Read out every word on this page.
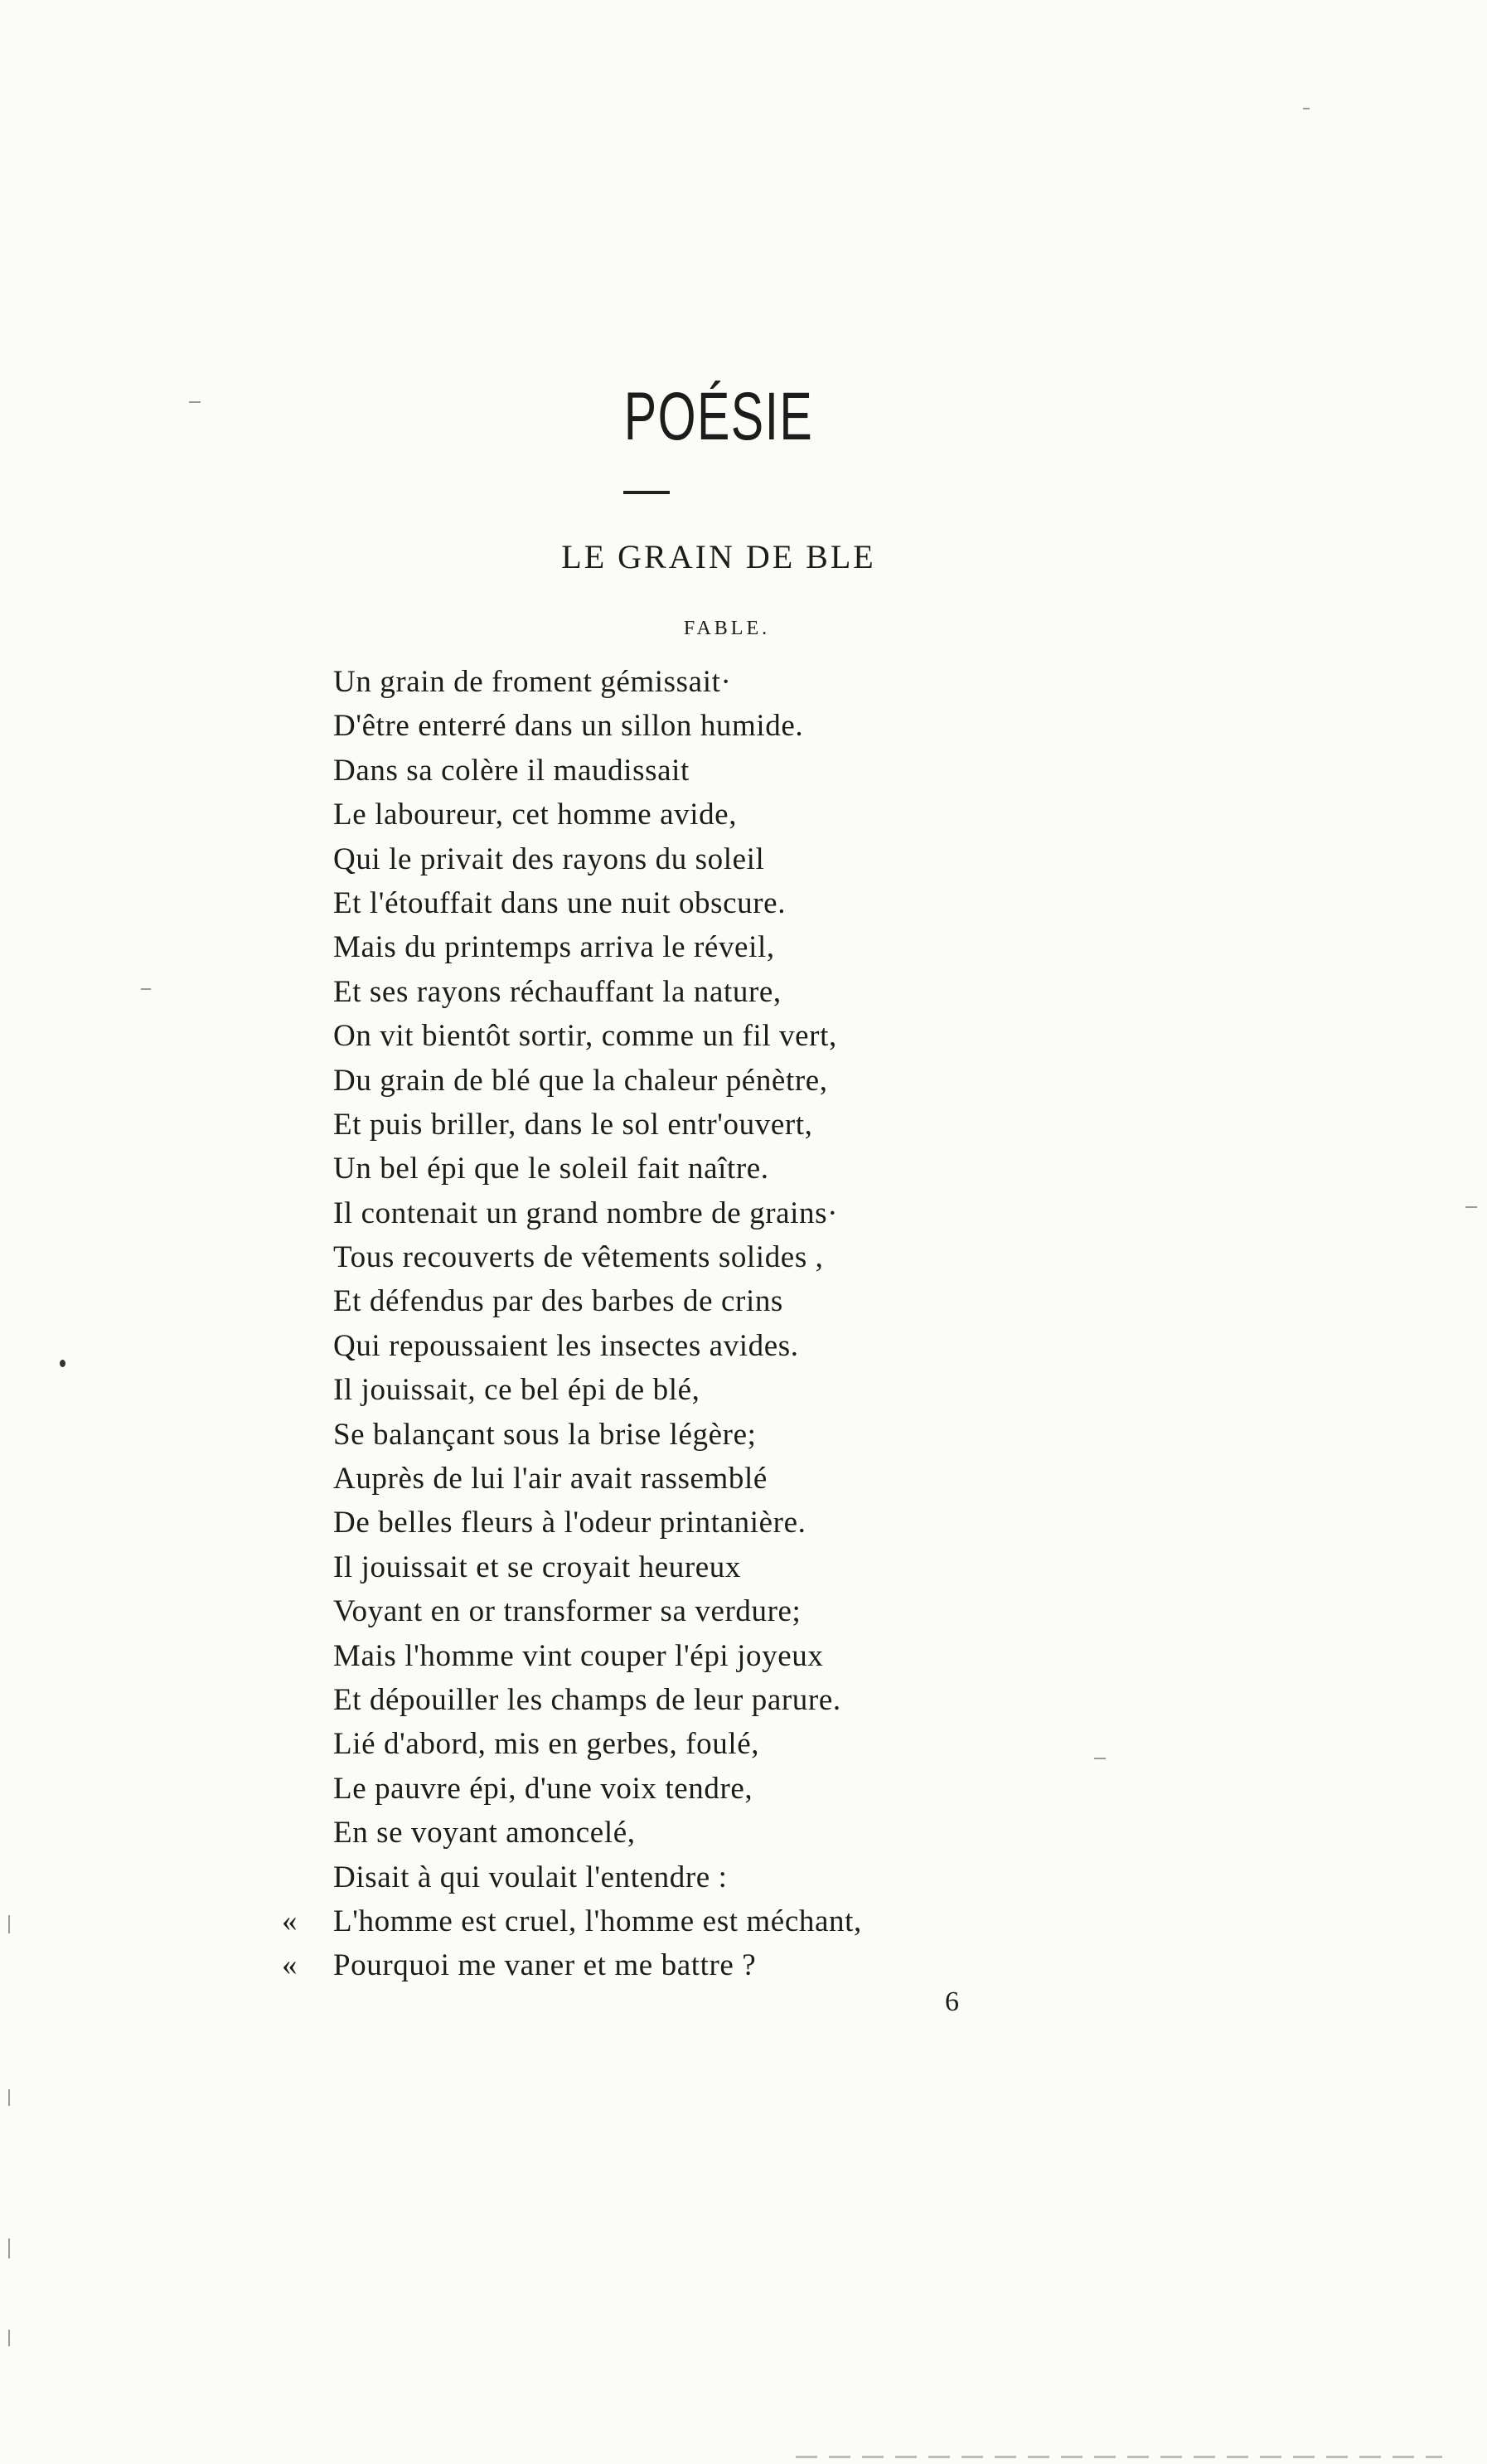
POÉSIE
LE GRAIN DE BLE
FABLE.
Un grain de froment gémissait·
D'être enterré dans un sillon humide.
Dans sa colère il maudissait
Le laboureur, cet homme avide,
Qui le privait des rayons du soleil
Et l'étouffait dans une nuit obscure.
Mais du printemps arriva le réveil,
Et ses rayons réchauffant la nature,
On vit bientôt sortir, comme un fil vert,
Du grain de blé que la chaleur pénètre,
Et puis briller, dans le sol entr'ouvert,
Un bel épi que le soleil fait naître.
Il contenait un grand nombre de grains·
Tous recouverts de vêtements solides ,
Et défendus par des barbes de crins
Qui repoussaient les insectes avides.
Il jouissait, ce bel épi de blé,
Se balançant sous la brise légère;
Auprès de lui l'air avait rassemblé
De belles fleurs à l'odeur printanière.
Il jouissait et se croyait heureux
Voyant en or transformer sa verdure;
Mais l'homme vint couper l'épi joyeux
Et dépouiller les champs de leur parure.
Lié d'abord, mis en gerbes, foulé,
Le pauvre épi, d'une voix tendre,
En se voyant amoncelé,
Disait à qui voulait l'entendre :
« L'homme est cruel, l'homme est méchant,
« Pourquoi me vaner et me battre ?
6
